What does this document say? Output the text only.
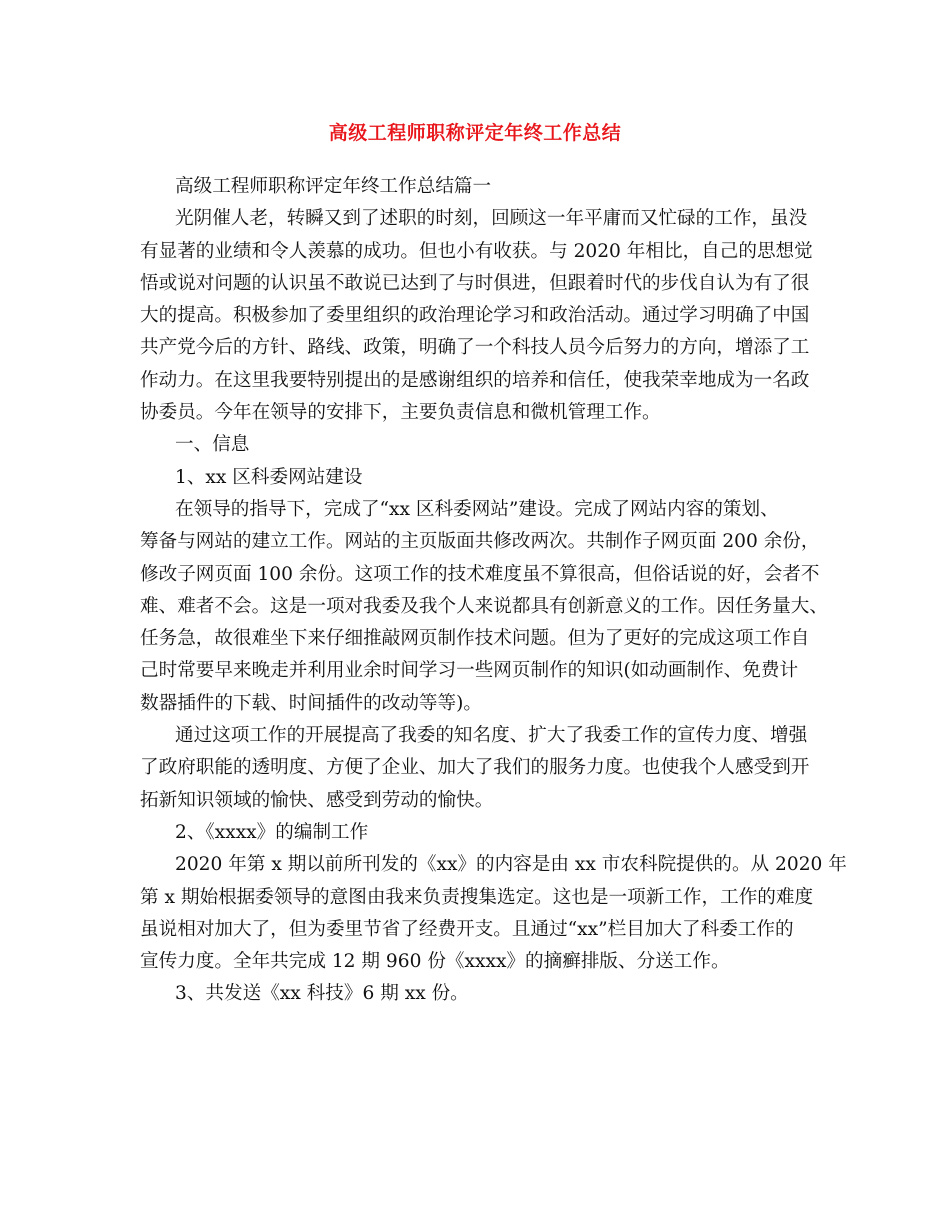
高级工程师职称评定年终工作总结
高级工程师职称评定年终工作总结篇一
光阴催人老，转瞬又到了述职的时刻，回顾这一年平庸而又忙碌的工作，虽没
有显著的业绩和令人羡慕的成功。但也小有收获。与 2020 年相比，自己的思想觉
悟或说对问题的认识虽不敢说已达到了与时俱进，但跟着时代的步伐自认为有了很
大的提高。积极参加了委里组织的政治理论学习和政治活动。通过学习明确了中国
共产党今后的方针、路线、政策，明确了一个科技人员今后努力的方向，增添了工
作动力。在这里我要特别提出的是感谢组织的培养和信任，使我荣幸地成为一名政
协委员。今年在领导的安排下，主要负责信息和微机管理工作。
一、信息
1、xx 区科委网站建设
在领导的指导下，完成了“xx 区科委网站”建设。完成了网站内容的策划、
筹备与网站的建立工作。网站的主页版面共修改两次。共制作子网页面 200 余份，
修改子网页面 100 余份。这项工作的技术难度虽不算很高，但俗话说的好，会者不
难、难者不会。这是一项对我委及我个人来说都具有创新意义的工作。因任务量大、
任务急，故很难坐下来仔细推敲网页制作技术问题。但为了更好的完成这项工作自
己时常要早来晚走并利用业余时间学习一些网页制作的知识(如动画制作、免费计
数器插件的下载、时间插件的改动等等)。
通过这项工作的开展提高了我委的知名度、扩大了我委工作的宣传力度、增强
了政府职能的透明度、方便了企业、加大了我们的服务力度。也使我个人感受到开
拓新知识领域的愉快、感受到劳动的愉快。
2、《xxxx》的编制工作
2020 年第 x 期以前所刊发的《xx》的内容是由 xx 市农科院提供的。从 2020 年
第 x 期始根据委领导的意图由我来负责搜集选定。这也是一项新工作，工作的难度
虽说相对加大了，但为委里节省了经费开支。且通过“xx”栏目加大了科委工作的
宣传力度。全年共完成 12 期 960 份《xxxx》的摘癣排版、分送工作。
3、共发送《xx 科技》6 期 xx 份。
